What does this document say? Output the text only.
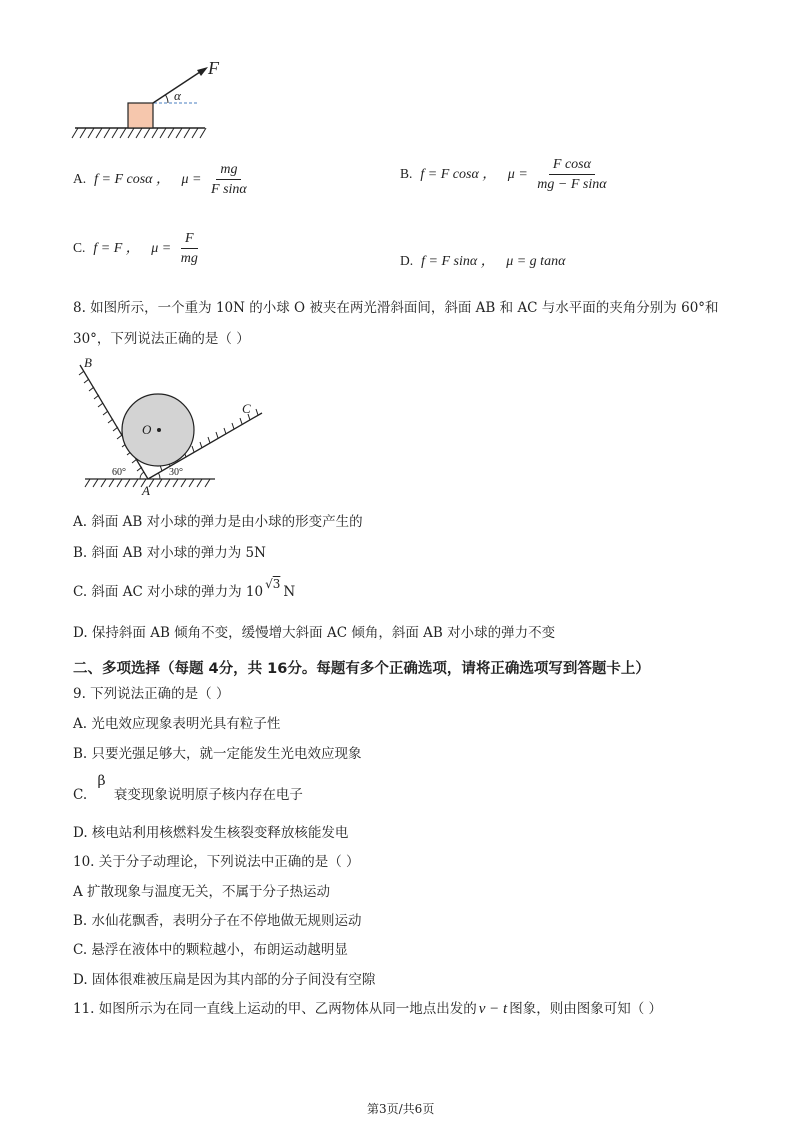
F
α
A. f = F cosα ， $\mu = \frac{mg}{\text{F sinα}}$	B. f = F cosα ， $\mu = \frac{\text{F cosα}}{\text{mg − F sinα}}$
C. f = F ， $\mu = \frac{F}{mg}$	D. f = F sinα ， μ = g tanα
8. 如图所示，一个重为 10N 的小球 O 被夹在两光滑斜面间，斜面 AB 和 AC 与水平面的夹角分别为 60°和
30°，下列说法正确的是（ ）
O
B
C
A
60°	30°
A. 斜面 AB 对小球的弹力是由小球的形变产生的
B. 斜面 AB 对小球的弹力为 5N
C. 斜面 AC 对小球的弹力为 10 √3 N
D. 保持斜面 AB 倾角不变，缓慢增大斜面 AC 倾角，斜面 AB 对小球的弹力不变
二、多项选择（每题 4分，共 16分。每题有多个正确选项，请将正确选项写到答题卡上）
9. 下列说法正确的是（ ）
A. 光电效应现象表明光具有粒子性
B. 只要光强足够大，就一定能发生光电效应现象
C. β 衰变现象说明原子核内存在电子
D. 核电站利用核燃料发生核裂变释放核能发电
10. 关于分子动理论，下列说法中正确的是（ ）
A 扩散现象与温度无关，不属于分子热运动
B. 水仙花飘香，表明分子在不停地做无规则运动
C. 悬浮在液体中的颗粒越小，布朗运动越明显
D. 固体很难被压扁是因为其内部的分子间没有空隙
11. 如图所示为在同一直线上运动的甲、乙两物体从同一地点出发的 v − t 图象，则由图象可知（ ）
第3页/共6页
